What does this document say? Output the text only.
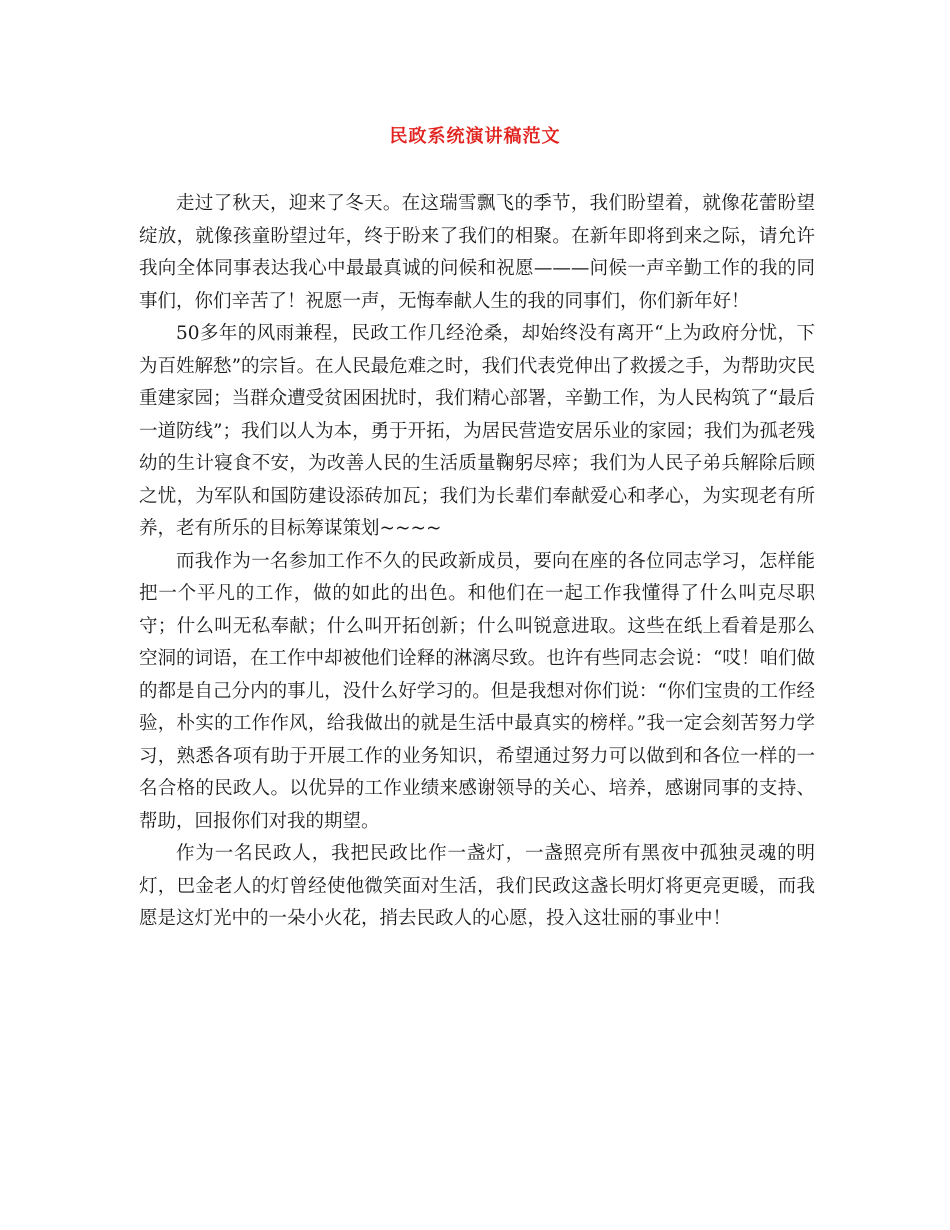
民政系统演讲稿范文

走过了秋天，迎来了冬天。在这瑞雪飘飞的季节，我们盼望着，就像花蕾盼望绽放，就像孩童盼望过年，终于盼来了我们的相聚。在新年即将到来之际，请允许我向全体同事表达我心中最最真诚的问候和祝愿———问候一声辛勤工作的我的同事们，你们辛苦了！祝愿一声，无悔奉献人生的我的同事们，你们新年好！

50多年的风雨兼程，民政工作几经沧桑，却始终没有离开“上为政府分忧，下为百姓解愁”的宗旨。在人民最危难之时，我们代表党伸出了救援之手，为帮助灾民重建家园；当群众遭受贫困困扰时，我们精心部署，辛勤工作，为人民构筑了“最后一道防线”；我们以人为本，勇于开拓，为居民营造安居乐业的家园；我们为孤老残幼的生计寝食不安，为改善人民的生活质量鞠躬尽瘁；我们为人民子弟兵解除后顾之忧，为军队和国防建设添砖加瓦；我们为长辈们奉献爱心和孝心，为实现老有所养，老有所乐的目标筹谋策划~~~~

而我作为一名参加工作不久的民政新成员，要向在座的各位同志学习，怎样能把一个平凡的工作，做的如此的出色。和他们在一起工作我懂得了什么叫克尽职守；什么叫无私奉献；什么叫开拓创新；什么叫锐意进取。这些在纸上看着是那么空洞的词语，在工作中却被他们诠释的淋漓尽致。也许有些同志会说：“哎！咱们做的都是自己分内的事儿，没什么好学习的。但是我想对你们说：“你们宝贵的工作经验，朴实的工作作风，给我做出的就是生活中最真实的榜样。”我一定会刻苦努力学习，熟悉各项有助于开展工作的业务知识，希望通过努力可以做到和各位一样的一名合格的民政人。以优异的工作业绩来感谢领导的关心、培养，感谢同事的支持、帮助，回报你们对我的期望。

作为一名民政人，我把民政比作一盏灯，一盏照亮所有黑夜中孤独灵魂的明灯，巴金老人的灯曾经使他微笑面对生活，我们民政这盏长明灯将更亮更暖，而我愿是这灯光中的一朵小火花，捎去民政人的心愿，投入这壮丽的事业中！
